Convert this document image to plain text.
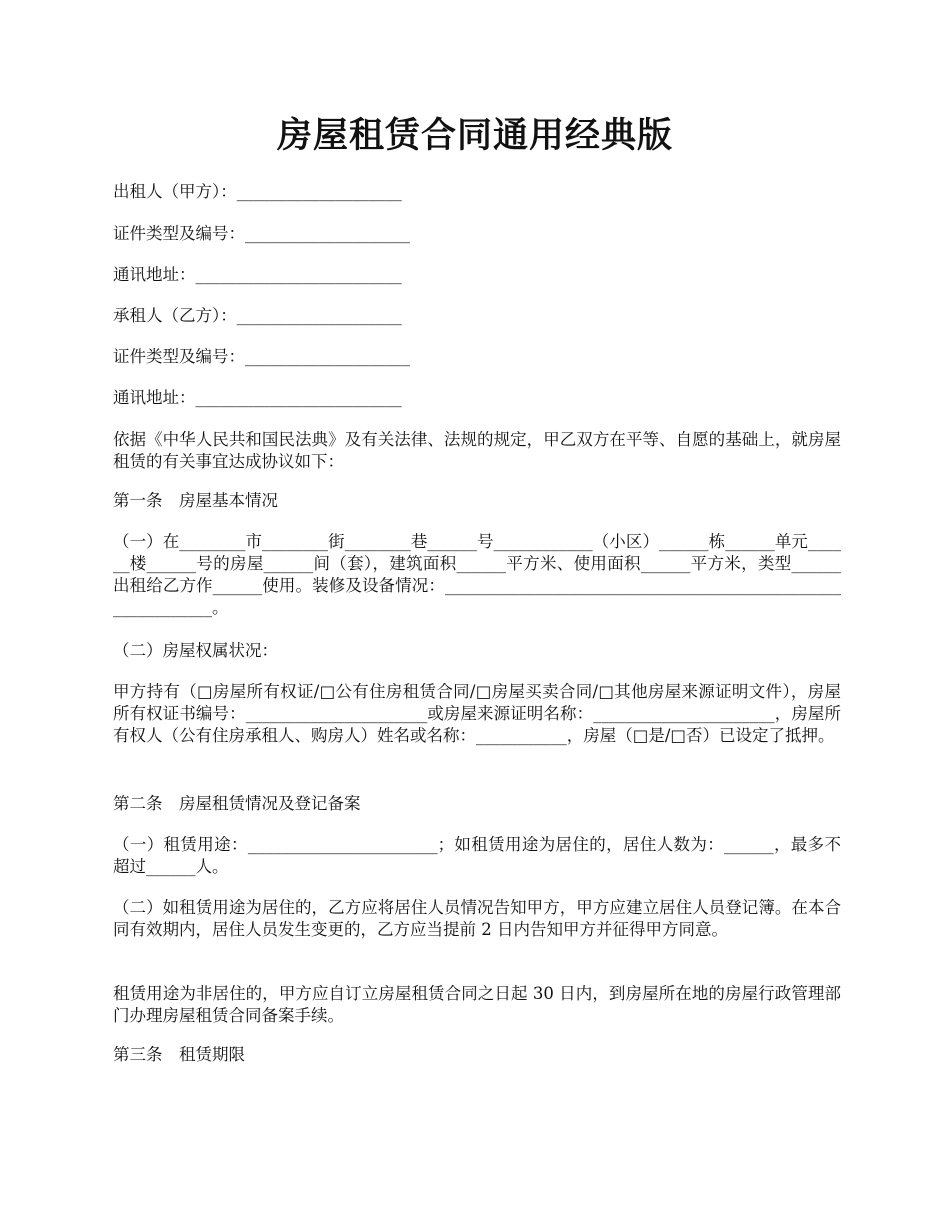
房屋租赁合同通用经典版

出租人（甲方）：____________________

证件类型及编号：____________________

通讯地址：_________________________

承租人（乙方）：____________________

证件类型及编号：____________________

通讯地址：_________________________

依据《中华人民共和国民法典》及有关法律、法规的规定，甲乙双方在平等、自愿的基础上，就房屋租赁的有关事宜达成协议如下：

第一条　房屋基本情况

（一）在________市________街________巷______号____________（小区）______栋______单元______楼______号的房屋______间（套），建筑面积______平方米、使用面积______平方米，类型______出租给乙方作______使用。装修及设备情况：____________________________________________________________。

（二）房屋权属状况：

甲方持有（□房屋所有权证/□公有住房租赁合同/□房屋买卖合同/□其他房屋来源证明文件），房屋所有权证书编号：______________________或房屋来源证明名称：______________________，房屋所有权人（公有住房承租人、购房人）姓名或名称：___________，房屋（□是/□否）已设定了抵押。

第二条　房屋租赁情况及登记备案

（一）租赁用途：_______________________；如租赁用途为居住的，居住人数为：______，最多不超过______人。

（二）如租赁用途为居住的，乙方应将居住人员情况告知甲方，甲方应建立居住人员登记簿。在本合同有效期内，居住人员发生变更的，乙方应当提前 2 日内告知甲方并征得甲方同意。

租赁用途为非居住的，甲方应自订立房屋租赁合同之日起 30 日内，到房屋所在地的房屋行政管理部门办理房屋租赁合同备案手续。

第三条　租赁期限
